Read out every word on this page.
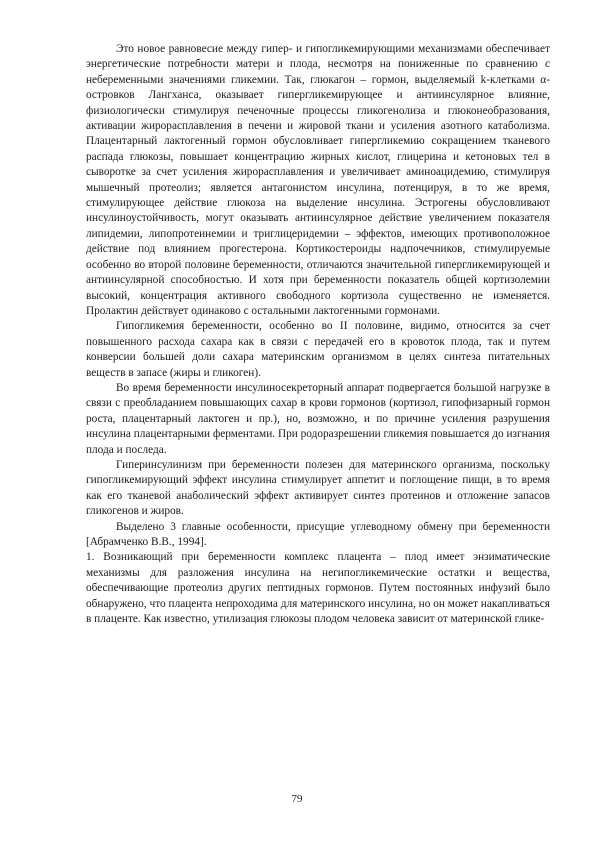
Это новое равновесие между гипер- и гипогликемирующими механизмами обеспечивает энергетические потребности матери и плода, несмотря на пониженные по сравнению с небеременными значениями гликемии. Так, глюкагон – гормон, выделяемый k-клетками α-островков Лангханса, оказывает гипергликемирующее и антиинсулярное влияние, физиологически стимулируя печеночные процессы гликогенолиза и глюконеобразования, активации жирорасплавления в печени и жировой ткани и усиления азотного катаболизма. Плацентарный лактогенный гормон обусловливает гипергликемию сокращением тканевого распада глюкозы, повышает концентрацию жирных кислот, глицерина и кетоновых тел в сыворотке за счет усиления жирорасплавления и увеличивает аминоацидемию, стимулируя мышечный протеолиз; является антагонистом инсулина, потенцируя, в то же время, стимулирующее действие глюкоза на выделение инсулина. Эстрогены обусловливают инсулиноустойчивость, могут оказывать антиинсулярное действие увеличением показателя липидемии, липопротеинемии и триглицеридемии – эффектов, имеющих противоположное действие под влиянием прогестерона. Кортикостероиды надпочечников, стимулируемые особенно во второй половине беременности, отличаются значительной гипергликемирующей и антиинсулярной способностью. И хотя при беременности показатель общей кортизолемии высокий, концентрация активного свободного кортизола существенно не изменяется. Пролактин действует одинаково с остальными лактогенными гормонами.

Гипогликемия беременности, особенно во II половине, видимо, относится за счет повышенного расхода сахара как в связи с передачей его в кровоток плода, так и путем конверсии большей доли сахара материнским организмом в целях синтеза питательных веществ в запасе (жиры и гликоген).

Во время беременности инсулиносекреторный аппарат подвергается большой нагрузке в связи с преобладанием повышающих сахар в крови гормонов (кортизол, гипофизарный гормон роста, плацентарный лактоген и пр.), но, возможно, и по причине усиления разрушения инсулина плацентарными ферментами. При родоразрешении гликемия повышается до изгнания плода и последа.

Гиперинсулинизм при беременности полезен для материнского организма, поскольку гипогликемирующий эффект инсулина стимулирует аппетит и поглощение пищи, в то время как его тканевой анаболический эффект активирует синтез протеинов и отложение запасов гликогенов и жиров.

Выделено 3 главные особенности, присущие углеводному обмену при беременности [Абрамченко В.В., 1994].

1. Возникающий при беременности комплекс плацента – плод имеет энзиматические механизмы для разложения инсулина на негипогликемические остатки и вещества, обеспечивающие протеолиз других пептидных гормонов. Путем постоянных инфузий было обнаружено, что плацента непроходима для материнского инсулина, но он может накапливаться в плаценте. Как известно, утилизация глюкозы плодом человека зависит от материнской глике-

79
